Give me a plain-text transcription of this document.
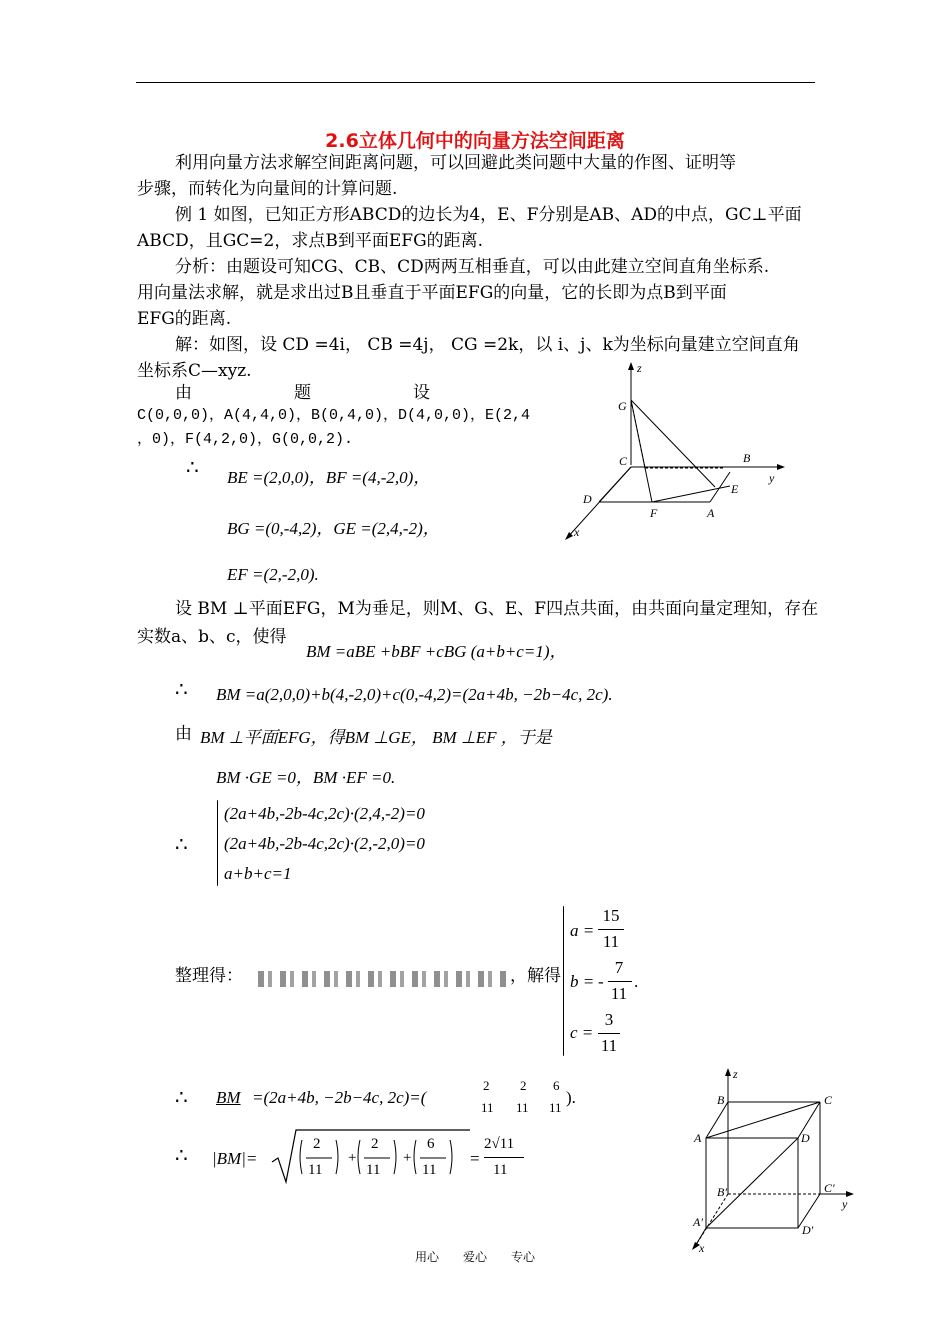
2.6立体几何中的向量方法空间距离
利用向量方法求解空间距离问题，可以回避此类问题中大量的作图、证明等
步骤，而转化为向量间的计算问题.
例 1 如图，已知正方形ABCD的边长为4，E、F分别是AB、AD的中点，GC⊥平面
ABCD，且GC=2，求点B到平面EFG的距离.
分析：由题设可知CG、CB、CD两两互相垂直，可以由此建立空间直角坐标系.
用向量法求解，就是求出过B且垂直于平面EFG的向量，它的长即为点B到平面
EFG的距离.
解：如图，设 CD =4i， CB =4j， CG =2k，以 i、j、k为坐标向量建立空间直角
坐标系C—xyz.
由　　　　　　题　　　　　　设
C(0,0,0)，A(4,4,0)，B(0,4,0)，D(4,0,0)，E(2,4
，0)，F(4,2,0)，G(0,0,2).
∴ BE =(2,0,0)，BF =(4,-2,0)，
BG =(0,-4,2)，GE =(2,4,-2)，
EF =(2,-2,0).
设 BM ⊥平面EFG，M为垂足，则M、G、E、F四点共面，由共面向量定理知，存在
实数a、b、c，使得
BM =aBE +bBF +cBG (a+b+c=1)，
∴ BM =a(2,0,0)+b(4,-2,0)+c(0,-4,2)=(2a+4b, −2b−4c, 2c).
由 BM ⊥平面EFG，得BM ⊥GE， BM ⊥EF ，于是
BM ·GE =0，BM ·EF =0.
∴
(2a+4b,-2b-4c,2c)·(2,4,-2)=0
(2a+4b,-2b-4c,2c)·(2,-2,0)=0
a+b+c=1
整理得：	，解得
a =
15
11
b = -
7
11
.
c =
3
11
∴ BM =(2a+4b, −2b−4c, 2c)=(
2
11
2
11
6
11
).
∴ |BM|=	+	+
2
11
2
11
6
11
=
2√11
11
z
G
C	B
y
D
E
F	A
x
z
B	C
A	D
B′	C′
y
A′
D′
x
用心　　爱心　　专心
